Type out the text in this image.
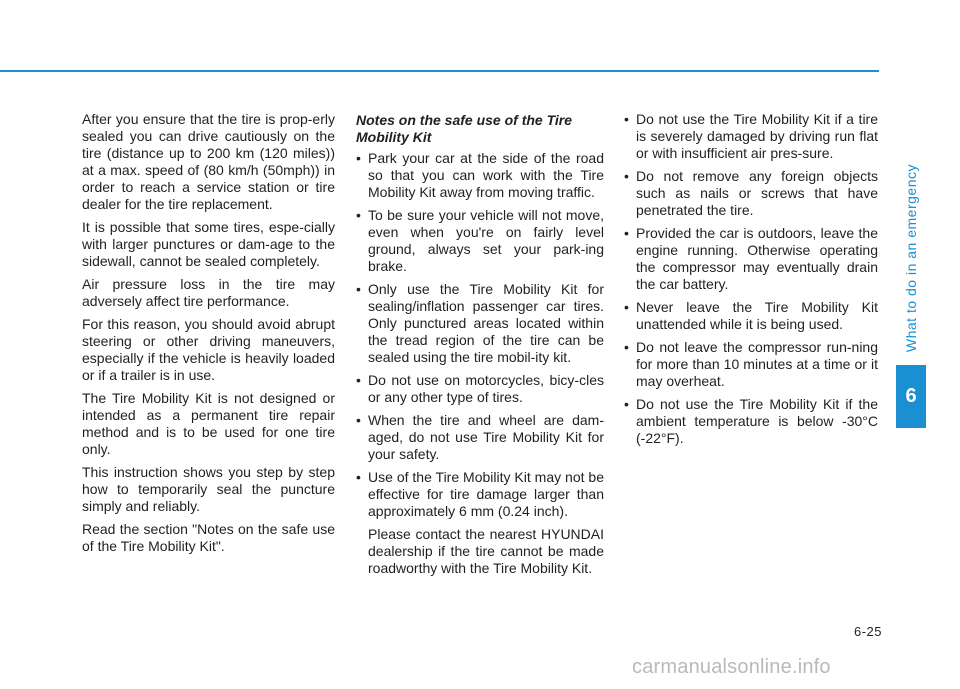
What to do in an emergency
6

After you ensure that the tire is prop-erly sealed you can drive cautiously on the tire (distance up to 200 km (120 miles)) at a max. speed of (80 km/h (50mph)) in order to reach a service station or tire dealer for the tire replacement.

It is possible that some tires, espe-cially with larger punctures or dam-age to the sidewall, cannot be sealed completely.

Air pressure loss in the tire may adversely affect tire performance.

For this reason, you should avoid abrupt steering or other driving maneuvers, especially if the vehicle is heavily loaded or if a trailer is in use.

The Tire Mobility Kit is not designed or intended as a permanent tire repair method and is to be used for one tire only.

This instruction shows you step by step how to temporarily seal the puncture simply and reliably.

Read the section "Notes on the safe use of the Tire Mobility Kit".

Notes on the safe use of the Tire Mobility Kit
• Park your car at the side of the road so that you can work with the Tire Mobility Kit away from moving traffic.
• To be sure your vehicle will not move, even when you're on fairly level ground, always set your park-ing brake.
• Only use the Tire Mobility Kit for sealing/inflation passenger car tires. Only punctured areas located within the tread region of the tire can be sealed using the tire mobil-ity kit.
• Do not use on motorcycles, bicy-cles or any other type of tires.
• When the tire and wheel are dam-aged, do not use Tire Mobility Kit for your safety.
• Use of the Tire Mobility Kit may not be effective for tire damage larger than approximately 6 mm (0.24 inch).

Please contact the nearest HYUNDAI dealership if the tire cannot be made roadworthy with the Tire Mobility Kit.

• Do not use the Tire Mobility Kit if a tire is severely damaged by driving run flat or with insufficient air pres-sure.
• Do not remove any foreign objects such as nails or screws that have penetrated the tire.
• Provided the car is outdoors, leave the engine running. Otherwise operating the compressor may eventually drain the car battery.
• Never leave the Tire Mobility Kit unattended while it is being used.
• Do not leave the compressor run-ning for more than 10 minutes at a time or it may overheat.
• Do not use the Tire Mobility Kit if the ambient temperature is below -30°C (-22°F).
6-25
carmanualsonline.info
